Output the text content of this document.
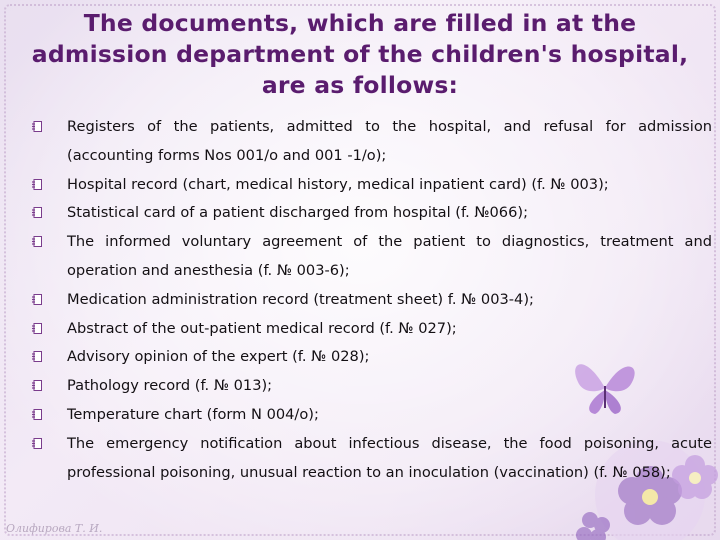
The documents, which are filled in at the admission department of the children's hospital, are as follows:
Registers of the patients, admitted to the hospital, and refusal for admission (accounting forms Nos 001/o and 001 -1/o);
Hospital record (chart, medical history, medical inpatient card) (f. № 003);
Statistical card of a patient discharged from hospital (f. №066);
The informed voluntary agreement of the patient to diagnostics, treatment and operation and anesthesia (f. № 003-6);
Medication administration record (treatment sheet) f. № 003-4);
Abstract of the out-patient medical record (f. № 027);
Advisory opinion of the expert (f. № 028);
Pathology record (f. № 013);
Temperature chart (form N 004/o);
The emergency notification about infectious disease, the food poisoning, acute professional poisoning, unusual reaction to an inoculation (vaccination) (f. № 058);
Олифирова Т. И.
